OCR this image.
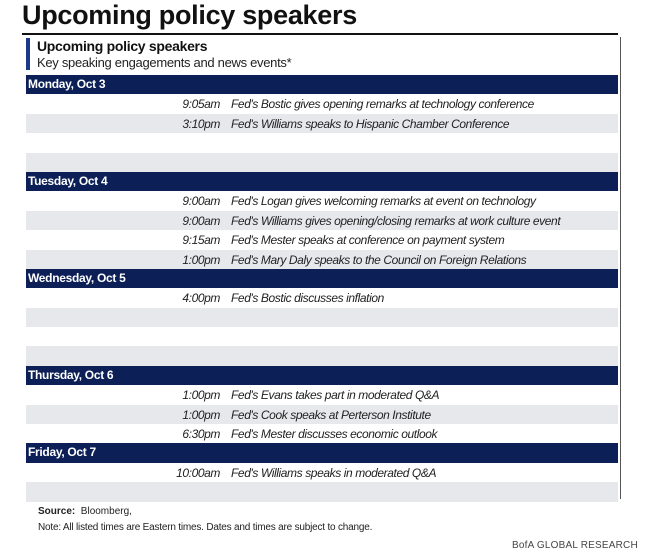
Upcoming policy speakers
Upcoming policy speakers
Key speaking engagements and news events*
Monday, Oct 3
9:05am Fed's Bostic gives opening remarks at technology conference
3:10pm Fed's Williams speaks to Hispanic Chamber Conference
Tuesday, Oct 4
9:00am Fed's Logan gives welcoming remarks at event on technology
9:00am Fed's Williams gives opening/closing remarks at work culture event
9:15am Fed's Mester speaks at conference on payment system
1:00pm Fed's Mary Daly speaks to the Council on Foreign Relations
Wednesday, Oct 5
4:00pm Fed's Bostic discusses inflation
Thursday, Oct 6
1:00pm Fed's Evans takes part in moderated Q&A
1:00pm Fed's Cook speaks at Perterson Institute
6:30pm Fed's Mester discusses economic outlook
Friday, Oct 7
10:00am Fed's Williams speaks in moderated Q&A
Source: Bloomberg,
Note: All listed times are Eastern times. Dates and times are subject to change.
BofA GLOBAL RESEARCH
